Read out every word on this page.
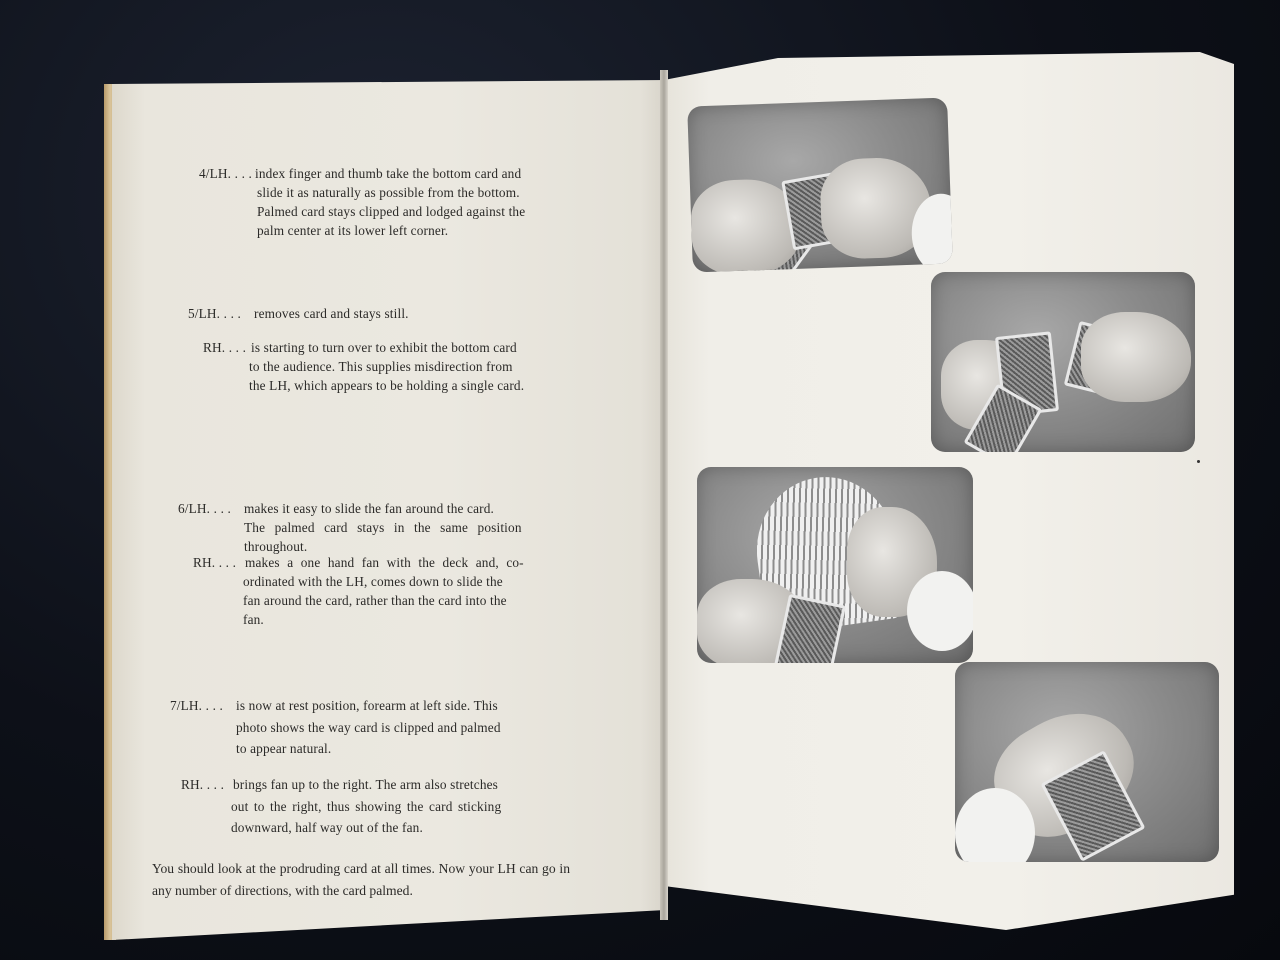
4/LH. . . . index finger and thumb take the bottom card and
slide it as naturally as possible from the bottom.
Palmed card stays clipped and lodged against the
palm center at its lower left corner.
5/LH. . . . removes card and stays still.
RH. . . . is starting to turn over to exhibit the bottom card
to the audience. This supplies misdirection from
the LH, which appears to be holding a single card.
6/LH. . . . makes it easy to slide the fan around the card.
The palmed card stays in the same position
throughout.
RH. . . . makes a one hand fan with the deck and, co-
ordinated with the LH, comes down to slide the
fan around the card, rather than the card into the
fan.
7/LH. . . . is now at rest position, forearm at left side. This
photo shows the way card is clipped and palmed
to appear natural.
RH. . . . brings fan up to the right. The arm also stretches
out to the right, thus showing the card sticking
downward, half way out of the fan.
You should look at the prodruding card at all times. Now your LH can go in any number of directions, with the card palmed.
